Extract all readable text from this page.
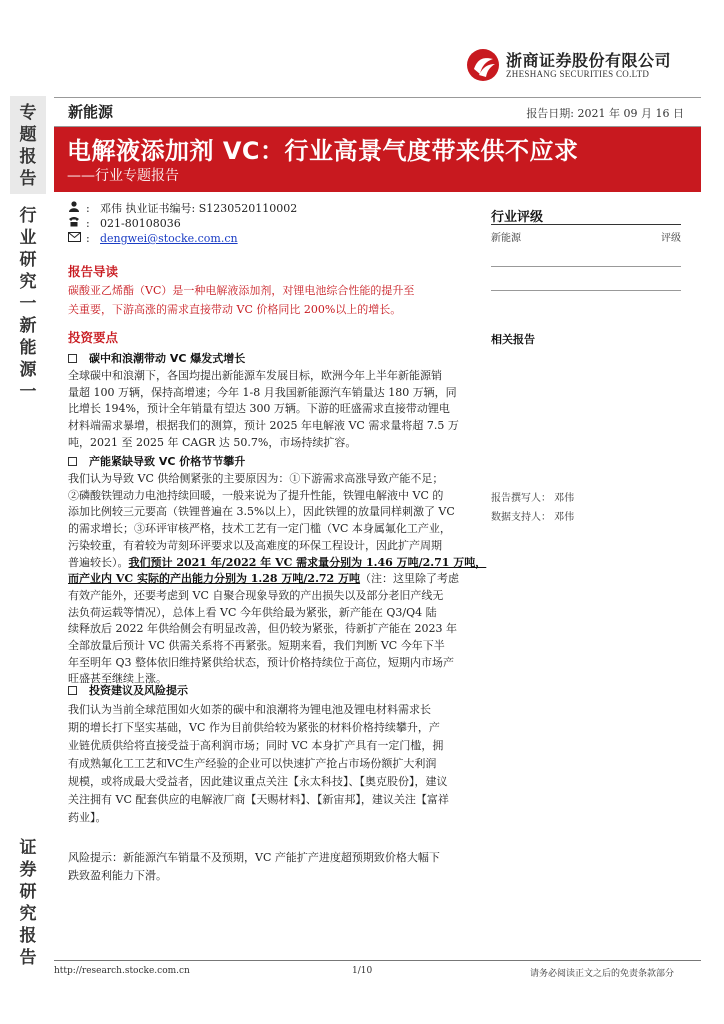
浙商证券股份有限公司
ZHESHANG SECURITIES CO.LTD
专
题
报
告
行
业
研
究
一
新
能
源
一
证
券
研
究
报
告
新能源	报告日期: 2021 年 09 月 16 日
电解液添加剂 VC：行业高景气度带来供不应求
——行业专题报告
: 邓伟 执业证书编号: S1230520110002
: 021-80108036
: dengwei@stocke.com.cn
报告导读
碳酸亚乙烯酯（VC）是一种电解液添加剂，对锂电池综合性能的提升至
关重要，下游高涨的需求直接带动 VC 价格同比 200%以上的增长。
投资要点
碳中和浪潮带动 VC 爆发式增长
全球碳中和浪潮下，各国均提出新能源车发展目标，欧洲今年上半年新能源销
量超 100 万辆，保持高增速；今年 1-8 月我国新能源汽车销量达 180 万辆，同
比增长 194%，预计全年销量有望达 300 万辆。下游的旺盛需求直接带动锂电
材料端需求暴增，根据我们的测算，预计 2025 年电解液 VC 需求量将超 7.5 万
吨，2021 至 2025 年 CAGR 达 50.7%，市场持续扩容。
产能紧缺导致 VC 价格节节攀升
我们认为导致 VC 供给侧紧张的主要原因为：①下游需求高涨导致产能不足；
②磷酸铁锂动力电池持续回暖，一般来说为了提升性能，铁锂电解液中 VC 的
添加比例较三元要高（铁锂普遍在 3.5%以上），因此铁锂的放量同样刺激了 VC
的需求增长；③环评审核严格，技术工艺有一定门槛（VC 本身属氟化工产业，
污染较重，有着较为苛刻环评要求以及高难度的环保工程设计，因此扩产周期
普遍较长）。我们预计 2021 年/2022 年 VC 需求量分别为 1.46 万吨/2.71 万吨，
而产业内 VC 实际的产出能力分别为 1.28 万吨/2.72 万吨（注：这里除了考虑
有效产能外，还要考虑到 VC 自聚合现象导致的产出损失以及部分老旧产线无
法负荷运载等情况），总体上看 VC 今年供给最为紧张，新产能在 Q3/Q4 陆
续释放后 2022 年供给侧会有明显改善，但仍较为紧张，待新扩产能在 2023 年
全部放量后预计 VC 供需关系将不再紧张。短期来看，我们判断 VC 今年下半
年至明年 Q3 整体依旧维持紧供给状态，预计价格持续位于高位，短期内市场产
旺盛甚至继续上涨。
投资建议及风险提示
我们认为当前全球范围如火如荼的碳中和浪潮将为锂电池及锂电材料需求长
期的增长打下坚实基础，VC 作为目前供给较为紧张的材料价格持续攀升，产
业链优质供给将直接受益于高利润市场；同时 VC 本身扩产具有一定门槛，拥
有成熟氟化工工艺和VC生产经验的企业可以快速扩产抢占市场份额扩大利润
规模，或将成最大受益者，因此建议重点关注【永太科技】、【奥克股份】，建议
关注拥有 VC 配套供应的电解液厂商【天赐材料】、【新宙邦】，建议关注【富祥
药业】。
风险提示：新能源汽车销量不及预期，VC 产能扩产进度超预期致价格大幅下
跌致盈利能力下滑。
行业评级
新能源	评级
相关报告
报告撰写人： 邓伟
数据支持人： 邓伟
http://research.stocke.com.cn	1/10	请务必阅读正文之后的免责条款部分
